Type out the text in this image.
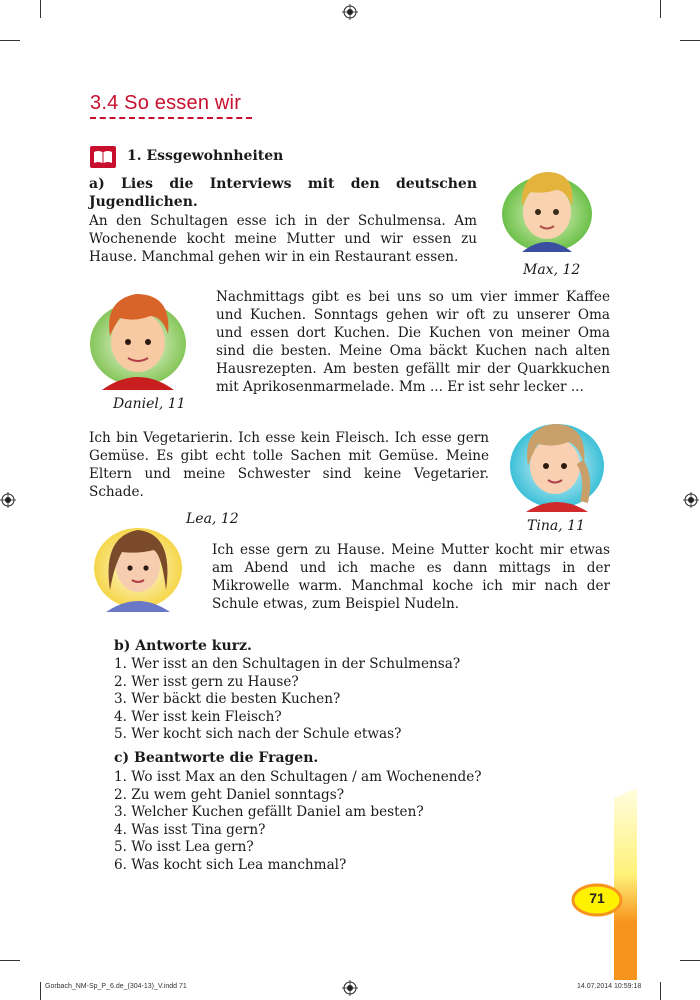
3.4 So essen wir
1. Essgewohnheiten
a) Lies die Interviews mit den deutschen Jugendlichen.
An den Schultagen esse ich in der Schulmensa. Am Wochenende kocht meine Mutter und wir essen zu Hause. Manchmal gehen wir in ein Restaurant essen.
Max, 12
Daniel, 11
Nachmittags gibt es bei uns so um vier immer Kaffee und Kuchen. Sonntags gehen wir oft zu unserer Oma und essen dort Kuchen. Die Kuchen von meiner Oma sind die besten. Meine Oma bäckt Kuchen nach alten Hausrezepten. Am besten gefällt mir der Quarkkuchen mit Aprikosenmarmelade. Mm ... Er ist sehr lecker ...
Ich bin Vegetarierin. Ich esse kein Fleisch. Ich esse gern Gemüse. Es gibt echt tolle Sachen mit Gemüse. Meine Eltern und meine Schwester sind keine Vegetarier. Schade.
Tina, 11
Lea, 12
Ich esse gern zu Hause. Meine Mutter kocht mir etwas am Abend und ich mache es dann mittags in der Mikrowelle warm. Manchmal koche ich mir nach der Schule etwas, zum Beispiel Nudeln.
b) Antworte kurz.
1. Wer isst an den Schultagen in der Schulmensa?
2. Wer isst gern zu Hause?
3. Wer bäckt die besten Kuchen?
4. Wer isst kein Fleisch?
5. Wer kocht sich nach der Schule etwas?
c) Beantworte die Fragen.
1. Wo isst Max an den Schultagen / am Wochenende?
2. Zu wem geht Daniel sonntags?
3. Welcher Kuchen gefällt Daniel am besten?
4. Was isst Tina gern?
5. Wo isst Lea gern?
6. Was kocht sich Lea manchmal?
71
Gorbach_NM-Sp_P_6.de_(304-13)_V.indd 71	14.07.2014 10:59:18
